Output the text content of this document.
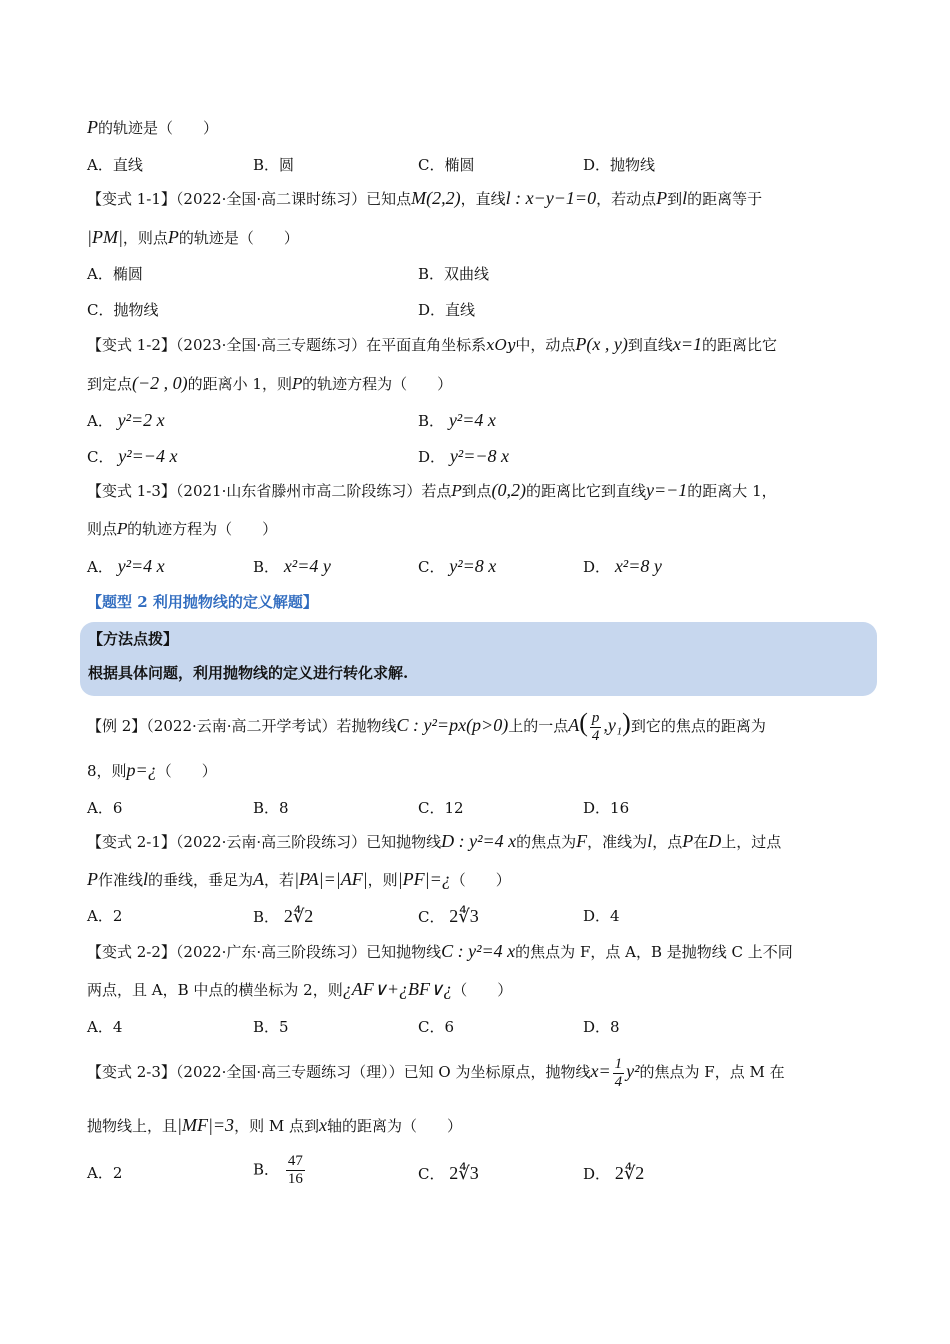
P的轨迹是（　　）
A．直线	B．圆	C．椭圆	D．抛物线
【变式 1-1】（2022·全国·高二课时练习）已知点M(2,2)，直线l : x−y−1=0，若动点P到l的距离等于
|PM|，则点P的轨迹是（　　）
A．椭圆	B．双曲线
C．抛物线	D．直线
【变式 1-2】（2023·全国·高三专题练习）在平面直角坐标系xOy中，动点P(x , y)到直线x=1的距离比它
到定点(−2 , 0)的距离小 1，则P的轨迹方程为（　　）
A． y²=2 x	B． y²=4 x
C． y²=−4 x	D． y²=−8 x
【变式 1-3】（2021·山东省滕州市高二阶段练习）若点P到点(0,2)的距离比它到直线y=−1的距离大 1，
则点P的轨迹方程为（　　）
A． y²=4 x	B． x²=4 y	C． y²=8 x	D． x²=8 y
【题型 2 利用抛物线的定义解题】
【方法点拨】
根据具体问题，利用抛物线的定义进行转化求解.
【例 2】（2022·云南·高二开学考试）若抛物线C : y²=px(p>0)上的一点$A( \frac{p}{4} ,y_1)$到它的焦点的距离为
8，则p=¿（　　）
A．6	B．8	C．12	D．16
【变式 2-1】（2022·云南·高三阶段练习）已知抛物线D : y²=4 x的焦点为F，准线为l，点P在D上，过点
P作准线l的垂线，垂足为A，若|PA|=|AF|，则|PF|=¿（　　）
A．2	B． 2∜2	C． 2∜3	D．4
【变式 2-2】（2022·广东·高三阶段练习）已知抛物线C : y²=4 x的焦点为 F，点 A，B 是抛物线 C 上不同
两点，且 A，B 中点的横坐标为 2，则¿AF∨+¿BF∨¿（　　）
A．4	B．5	C．6	D．8
【变式 2-3】（2022·全国·高三专题练习（理））已知 O 为坐标原点，抛物线$x= \frac{1}{4} y^2$的焦点为 F，点 M 在
抛物线上，且|MF|=3，则 M 点到x轴的距离为（　　）
A．2	B． $\frac{47}{16}$	C． 2∜3	D． 2∜2
